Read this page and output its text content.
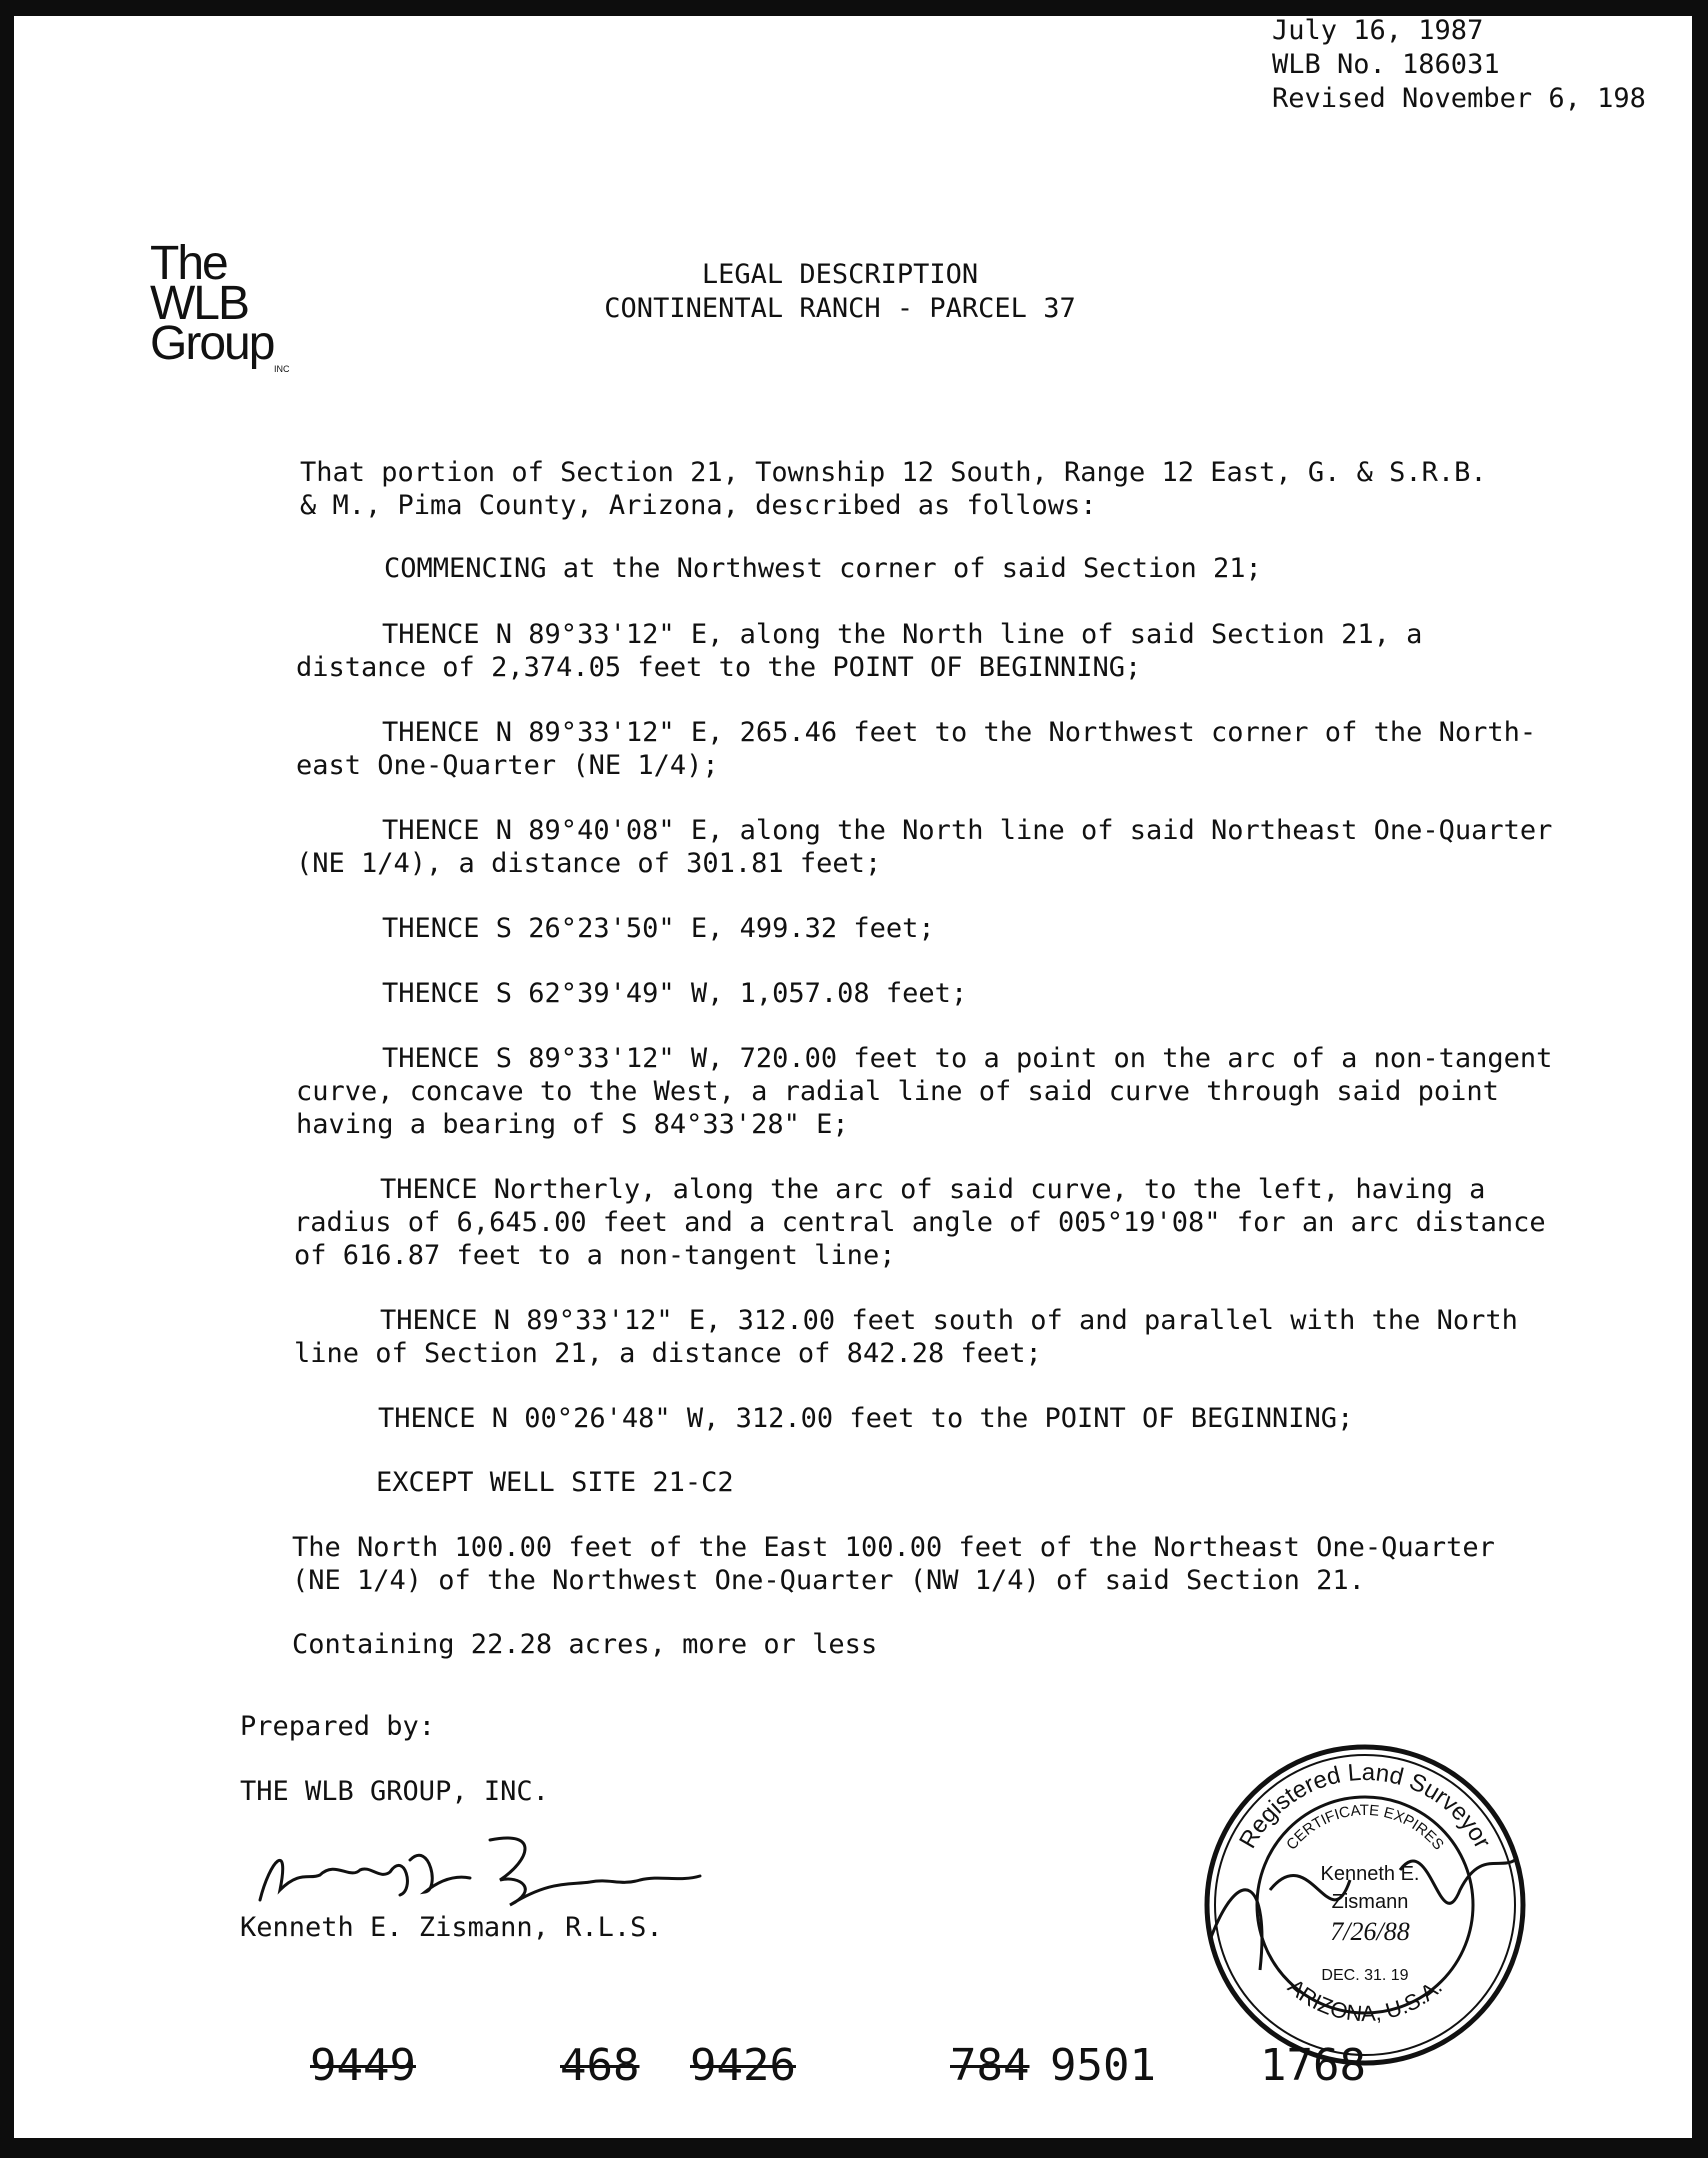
July 16, 1987
WLB No. 186031
Revised November 6, 198
The
WLB
Group INC
LEGAL DESCRIPTION
CONTINENTAL RANCH - PARCEL 37
That portion of Section 21, Township 12 South, Range 12 East, G. & S.R.B.
& M., Pima County, Arizona, described as follows:
COMMENCING at the Northwest corner of said Section 21;
THENCE N 89°33'12" E, along the North line of said Section 21, a
distance of 2,374.05 feet to the POINT OF BEGINNING;
THENCE N 89°33'12" E, 265.46 feet to the Northwest corner of the North-
east One-Quarter (NE 1/4);
THENCE N 89°40'08" E, along the North line of said Northeast One-Quarter
(NE 1/4), a distance of 301.81 feet;
THENCE S 26°23'50" E, 499.32 feet;
THENCE S 62°39'49" W, 1,057.08 feet;
THENCE S 89°33'12" W, 720.00 feet to a point on the arc of a non-tangent
curve, concave to the West, a radial line of said curve through said point
having a bearing of S 84°33'28" E;
THENCE Northerly, along the arc of said curve, to the left, having a
radius of 6,645.00 feet and a central angle of 005°19'08" for an arc distance
of 616.87 feet to a non-tangent line;
THENCE N 89°33'12" E, 312.00 feet south of and parallel with the North
line of Section 21, a distance of 842.28 feet;
THENCE N 00°26'48" W, 312.00 feet to the POINT OF BEGINNING;
EXCEPT WELL SITE 21-C2
The North 100.00 feet of the East 100.00 feet of the Northeast One-Quarter
(NE 1/4) of the Northwest One-Quarter (NW 1/4) of said Section 21.
Containing 22.28 acres, more or less
Prepared by:
THE WLB GROUP, INC.
Kenneth E. Zismann, R.L.S.
Registered Land Surveyor
CERTIFICATE EXPIRES
ARIZONA, U.S.A.
Kenneth E.
Zismann
7/26/88
DEC. 31. 19
9449	468 9426	784 9501 1768
